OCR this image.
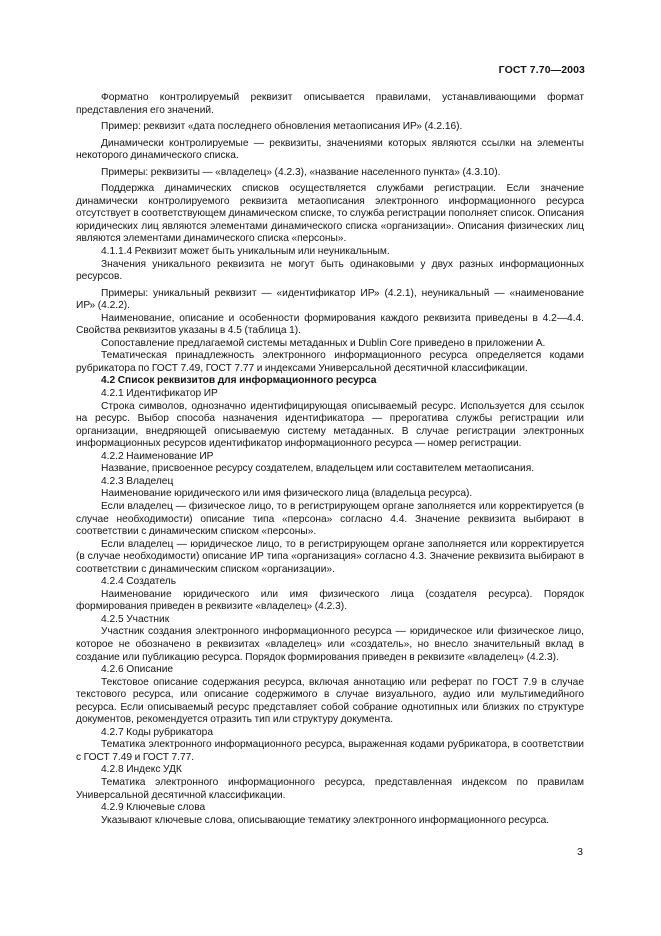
ГОСТ 7.70—2003

Форматно контролируемый реквизит описывается правилами, устанавливающими формат представления его значений.

Пример: реквизит «дата последнего обновления метаописания ИР» (4.2.16).

Динамически контролируемые — реквизиты, значениями которых являются ссылки на элементы некоторого динамического списка.

Примеры: реквизиты — «владелец» (4.2.3), «название населенного пункта» (4.3.10).

Поддержка динамических списков осуществляется службами регистрации. Если значение динамически контролируемого реквизита метаописания электронного информационного ресурса отсутствует в соответствующем динамическом списке, то служба регистрации пополняет список. Описания юридических лиц являются элементами динамического списка «организации». Описания физических лиц являются элементами динамического списка «персоны».

4.1.1.4 Реквизит может быть уникальным или неуникальным.

Значения уникального реквизита не могут быть одинаковыми у двух разных информационных ресурсов.

Примеры: уникальный реквизит — «идентификатор ИР» (4.2.1), неуникальный — «наименование ИР» (4.2.2).

Наименование, описание и особенности формирования каждого реквизита приведены в 4.2—4.4. Свойства реквизитов указаны в 4.5 (таблица 1).

Сопоставление предлагаемой системы метаданных и Dublin Core приведено в приложении А.

Тематическая принадлежность электронного информационного ресурса определяется кодами рубрикатора по ГОСТ 7.49, ГОСТ 7.77 и индексами Универсальной десятичной классификации.

4.2 Список реквизитов для информационного ресурса

4.2.1 Идентификатор ИР

Строка символов, однозначно идентифицирующая описываемый ресурс. Используется для ссылок на ресурс. Выбор способа назначения идентификатора — прерогатива службы регистрации или организации, внедряющей описываемую систему метаданных. В случае регистрации электронных информационных ресурсов идентификатор информационного ресурса — номер регистрации.

4.2.2 Наименование ИР

Название, присвоенное ресурсу создателем, владельцем или составителем метаописания.

4.2.3 Владелец

Наименование юридического или имя физического лица (владельца ресурса).

Если владелец — физическое лицо, то в регистрирующем органе заполняется или корректируется (в случае необходимости) описание типа «персона» согласно 4.4. Значение реквизита выбирают в соответствии с динамическим списком «персоны».

Если владелец — юридическое лицо, то в регистрирующем органе заполняется или корректируется (в случае необходимости) описание ИР типа «организация» согласно 4.3. Значение реквизита выбирают в соответствии с динамическим списком «организации».

4.2.4 Создатель

Наименование юридического или имя физического лица (создателя ресурса). Порядок формирования приведен в реквизите «владелец» (4.2.3).

4.2.5 Участник

Участник создания электронного информационного ресурса — юридическое или физическое лицо, которое не обозначено в реквизитах «владелец» или «создатель», но внесло значительный вклад в создание или публикацию ресурса. Порядок формирования приведен в реквизите «владелец» (4.2.3).

4.2.6 Описание

Текстовое описание содержания ресурса, включая аннотацию или реферат по ГОСТ 7.9 в случае текстового ресурса, или описание содержимого в случае визуального, аудио или мультимедийного ресурса. Если описываемый ресурс представляет собой собрание однотипных или близких по структуре документов, рекомендуется отразить тип или структуру документа.

4.2.7 Коды рубрикатора

Тематика электронного информационного ресурса, выраженная кодами рубрикатора, в соответствии с ГОСТ 7.49 и ГОСТ 7.77.

4.2.8 Индекс УДК

Тематика электронного информационного ресурса, представленная индексом по правилам Универсальной десятичной классификации.

4.2.9 Ключевые слова

Указывают ключевые слова, описывающие тематику электронного информационного ресурса.

3
